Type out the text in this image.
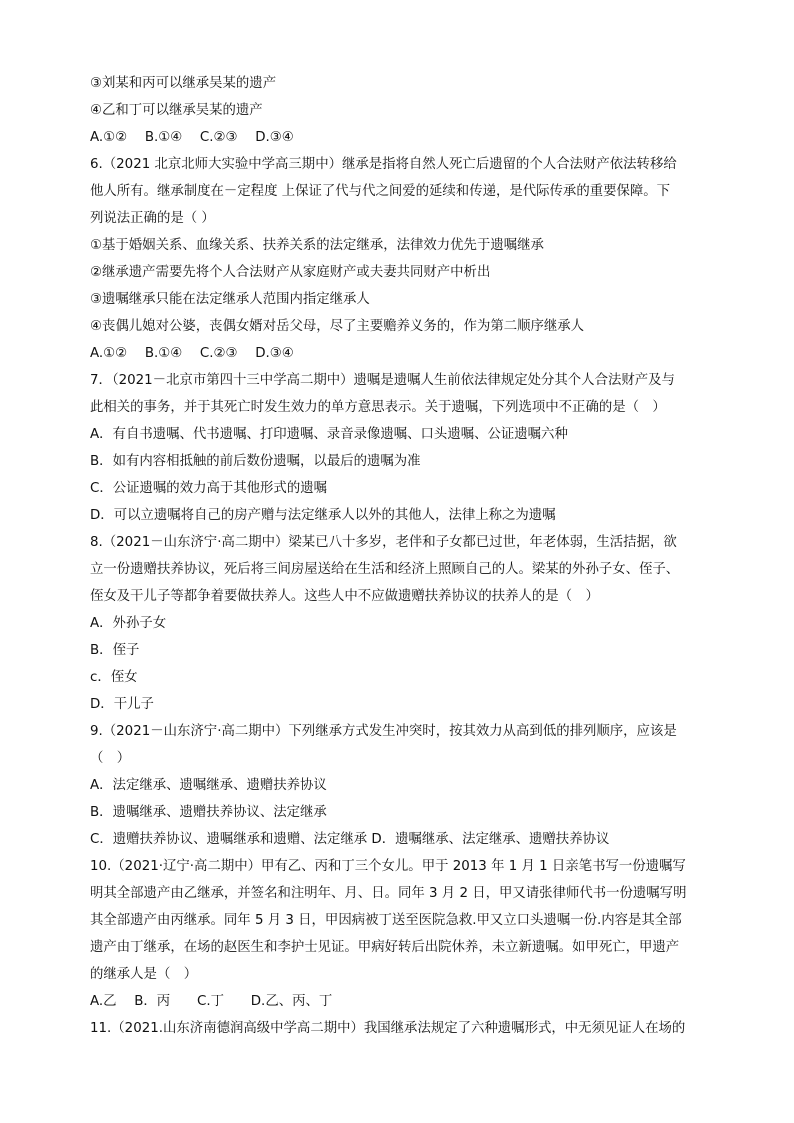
③刘某和丙可以继承吴某的遗产
④乙和丁可以继承吴某的遗产
A.①②　 B.①④　 C.②③　 D.③④
6.（2021 北京北师大实验中学高三期中）继承是指将自然人死亡后遗留的个人合法财产依法转移给
他人所有。继承制度在－定程度 上保证了代与代之间爱的延续和传递，是代际传承的重要保障。下
列说法正确的是（ ）
①基于婚姻关系、血缘关系、扶养关系的法定继承，法律效力优先于遗嘱继承
②继承遗产需要先将个人合法财产从家庭财产或夫妻共同财产中析出
③遗嘱继承只能在法定继承人范围内指定继承人
④丧偶儿媳对公婆，丧偶女婿对岳父母，尽了主要赡养义务的，作为第二顺序继承人
A.①②　 B.①④　 C.②③　 D.③④
7．（2021－北京市第四十三中学高二期中）遗嘱是遗嘱人生前依法律规定处分其个人合法财产及与
此相关的事务，并于其死亡时发生效力的单方意思表示。关于遗嘱，下列选项中不正确的是（　）
A．有自书遗嘱、代书遗嘱、打印遗嘱、录音录像遗嘱、口头遗嘱、公证遗嘱六种
B．如有内容相抵触的前后数份遗嘱，以最后的遗嘱为准
C．公证遗嘱的效力高于其他形式的遗嘱
D．可以立遗嘱将自己的房产赠与法定继承人以外的其他人，法律上称之为遗嘱
8.（2021－山东济宁·高二期中）梁某已八十多岁，老伴和子女都已过世，年老体弱，生活拮据，欲
立一份遗赠扶养协议，死后将三间房屋送给在生活和经济上照顾自己的人。梁某的外孙子女、侄子、
侄女及干儿子等都争着要做扶养人。这些人中不应做遗赠扶养协议的扶养人的是（　）
A．外孙子女
B．侄子
c．侄女
D．干儿子
9.（2021－山东济宁·高二期中）下列继承方式发生冲突时，按其效力从高到低的排列顺序，应该是
（　）
A．法定继承、遗嘱继承、遗赠扶养协议
B．遗嘱继承、遗赠扶养协议、法定继承
C．遗赠扶养协议、遗嘱继承和遗赠、法定继承 D．遗嘱继承、法定继承、遗赠扶养协议
10.（2021·辽宁·高二期中）甲有乙、丙和丁三个女儿。甲于 2013 年 1 月 1 日亲笔书写一份遗嘱写
明其全部遗产由乙继承，并签名和注明年、月、日。同年 3 月 2 日，甲又请张律师代书一份遗嘱写明
其全部遗产由丙继承。同年 5 月 3 日，甲因病被丁送至医院急救.甲又立口头遗嘱一份.内容是其全部
遗产由丁继承，在场的赵医生和李护士见证。甲病好转后出院休养，未立新遗嘱。如甲死亡，甲遗产
的继承人是（　）
A.乙　 B．丙　　C.丁　　D.乙、丙、丁
11.（2021.山东济南德润高级中学高二期中）我国继承法规定了六种遗嘱形式，中无须见证人在场的
